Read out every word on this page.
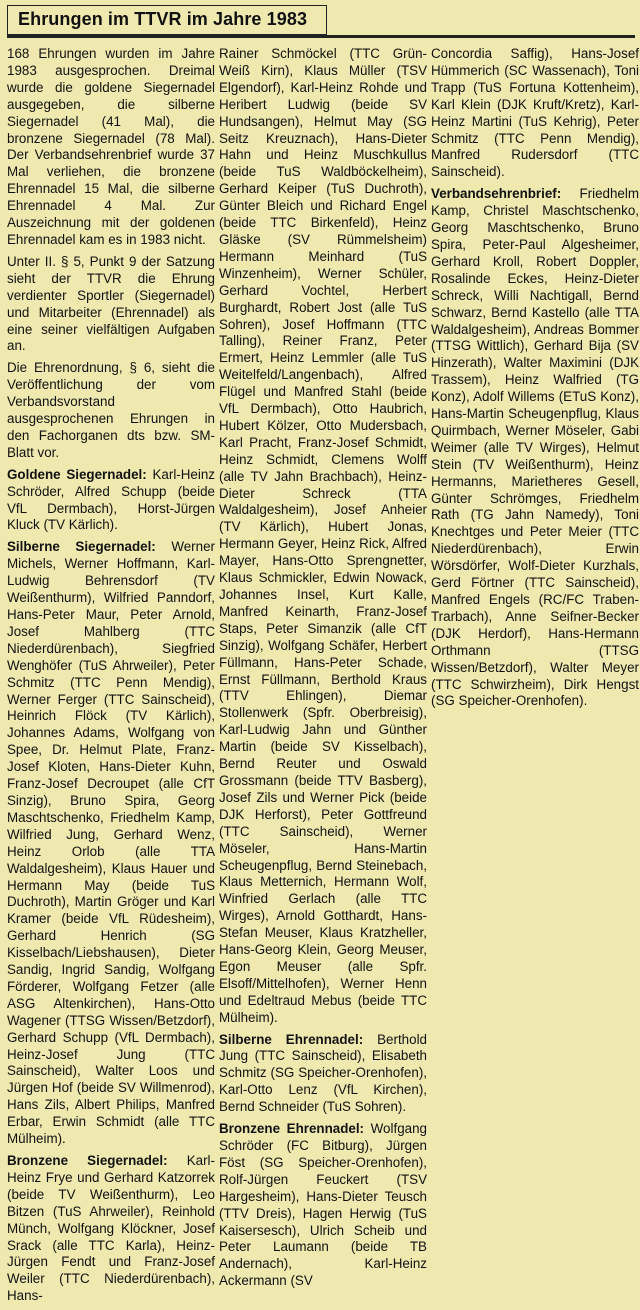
Ehrungen im TTVR im Jahre 1983

168 Ehrungen wurden im Jahre 1983 ausgesprochen. Dreimal wurde die goldene Siegernadel ausgegeben, die silberne Siegernadel (41 Mal), die bronzene Siegernadel (78 Mal). Der Verbandsehrenbrief wurde 37 Mal verliehen, die bronzene Ehrennadel 15 Mal, die silberne Ehrennadel 4 Mal. Zur Auszeichnung mit der goldenen Ehrennadel kam es in 1983 nicht.

Unter II. § 5, Punkt 9 der Satzung sieht der TTVR die Ehrung verdienter Sportler (Siegernadel) und Mitarbeiter (Ehrennadel) als eine seiner vielfältigen Aufgaben an.

Die Ehrenordnung, § 6, sieht die Veröffentlichung der vom Verbandsvorstand ausgesprochenen Ehrungen in den Fachorganen dts bzw. SM-Blatt vor.

Goldene Siegernadel: Karl-Heinz Schröder, Alfred Schupp (beide VfL Dermbach), Horst-Jürgen Kluck (TV Kärlich).

Silberne Siegernadel: Werner Michels, Werner Hoffmann, Karl-Ludwig Behrensdorf (TV Weißenthurm), Wilfried Panndorf, Hans-Peter Maur, Peter Arnold, Josef Mahlberg (TTC Niederdürenbach), Siegfried Wenghöfer (TuS Ahrweiler), Peter Schmitz (TTC Penn Mendig), Werner Ferger (TTC Sainscheid), Heinrich Flöck (TV Kärlich), Johannes Adams, Wolfgang von Spee, Dr. Helmut Plate, Franz-Josef Kloten, Hans-Dieter Kuhn, Franz-Josef Decroupet (alle CfT Sinzig), Bruno Spira, Georg Maschtschenko, Friedhelm Kamp, Wilfried Jung, Gerhard Wenz, Heinz Orlob (alle TTA Waldalgesheim), Klaus Hauer und Hermann May (beide TuS Duchroth), Martin Gröger und Karl Kramer (beide VfL Rüdesheim), Gerhard Henrich (SG Kisselbach/Liebshausen), Dieter Sandig, Ingrid Sandig, Wolfgang Förderer, Wolfgang Fetzer (alle ASG Altenkirchen), Hans-Otto Wagener (TTSG Wissen/Betzdorf), Gerhard Schupp (VfL Dermbach), Heinz-Josef Jung (TTC Sainscheid), Walter Loos und Jürgen Hof (beide SV Willmenrod), Hans Zils, Albert Philips, Manfred Erbar, Erwin Schmidt (alle TTC Mülheim).

Bronzene Siegernadel: Karl-Heinz Frye und Gerhard Katzorrek (beide TV Weißenthurm), Leo Bitzen (TuS Ahrweiler), Reinhold Münch, Wolfgang Klöckner, Josef Srack (alle TTC Karla), Heinz-Jürgen Fendt und Franz-Josef Weiler (TTC Niederdürenbach), Hans-

Rainer Schmöckel (TTC Grün-Weiß Kirn), Klaus Müller (TSV Elgendorf), Karl-Heinz Rohde und Heribert Ludwig (beide SV Hundsangen), Helmut May (SG Seitz Kreuznach), Hans-Dieter Hahn und Heinz Muschkullus (beide TuS Waldböckelheim), Gerhard Keiper (TuS Duchroth), Günter Bleich und Richard Engel (beide TTC Birkenfeld), Heinz Gläske (SV Rümmelsheim) Hermann Meinhard (TuS Winzenheim), Werner Schüler, Gerhard Vochtel, Herbert Burghardt, Robert Jost (alle TuS Sohren), Josef Hoffmann (TTC Talling), Reiner Franz, Peter Ermert, Heinz Lemmler (alle TuS Weitelfeld/Langenbach), Alfred Flügel und Manfred Stahl (beide VfL Dermbach), Otto Haubrich, Hubert Kölzer, Otto Mudersbach, Karl Pracht, Franz-Josef Schmidt, Heinz Schmidt, Clemens Wolff (alle TV Jahn Brachbach), Heinz-Dieter Schreck (TTA Waldalgesheim), Josef Anheier (TV Kärlich), Hubert Jonas, Hermann Geyer, Heinz Rick, Alfred Mayer, Hans-Otto Sprengnetter, Klaus Schmickler, Edwin Nowack, Johannes Insel, Kurt Kalle, Manfred Keinarth, Franz-Josef Staps, Peter Simanzik (alle CfT Sinzig), Wolfgang Schäfer, Herbert Füllmann, Hans-Peter Schade, Ernst Füllmann, Berthold Kraus (TTV Ehlingen), Diemar Stollenwerk (Spfr. Oberbreisig), Karl-Ludwig Jahn und Günther Martin (beide SV Kisselbach), Bernd Reuter und Oswald Grossmann (beide TTV Basberg), Josef Zils und Werner Pick (beide DJK Herforst), Peter Gottfreund (TTC Sainscheid), Werner Möseler, Hans-Martin Scheugenpflug, Bernd Steinebach, Klaus Metternich, Hermann Wolf, Winfried Gerlach (alle TTC Wirges), Arnold Gotthardt, Hans-Stefan Meuser, Klaus Kratzheller, Hans-Georg Klein, Georg Meuser, Egon Meuser (alle Spfr. Elsoff/Mittelhofen), Werner Henn und Edeltraud Mebus (beide TTC Mülheim).

Silberne Ehrennadel: Berthold Jung (TTC Sainscheid), Elisabeth Schmitz (SG Speicher-Orenhofen), Karl-Otto Lenz (VfL Kirchen), Bernd Schneider (TuS Sohren).

Bronzene Ehrennadel: Wolfgang Schröder (FC Bitburg), Jürgen Föst (SG Speicher-Orenhofen), Rolf-Jürgen Feuckert (TSV Hargesheim), Hans-Dieter Teusch (TTV Dreis), Hagen Herwig (TuS Kaisersesch), Ulrich Scheib und Peter Laumann (beide TB Andernach), Karl-Heinz Ackermann (SV

Concordia Saffig), Hans-Josef Hümmerich (SC Wassenach), Toni Trapp (TuS Fortuna Kottenheim), Karl Klein (DJK Kruft/Kretz), Karl-Heinz Martini (TuS Kehrig), Peter Schmitz (TTC Penn Mendig), Manfred Rudersdorf (TTC Sainscheid).

Verbandsehrenbrief: Friedhelm Kamp, Christel Maschtschenko, Georg Maschtschenko, Bruno Spira, Peter-Paul Algesheimer, Gerhard Kroll, Robert Doppler, Rosalinde Eckes, Heinz-Dieter Schreck, Willi Nachtigall, Bernd Schwarz, Bernd Kastello (alle TTA Waldalgesheim), Andreas Bommer (TTSG Wittlich), Gerhard Bija (SV Hinzerath), Walter Maximini (DJK Trassem), Heinz Walfried (TG Konz), Adolf Willems (ETuS Konz), Hans-Martin Scheugenpflug, Klaus Quirmbach, Werner Möseler, Gabi Weimer (alle TV Wirges), Helmut Stein (TV Weißenthurm), Heinz Hermanns, Marietheres Gesell, Günter Schrömges, Friedhelm Rath (TG Jahn Namedy), Toni Knechtges und Peter Meier (TTC Niederdürenbach), Erwin Wörsdörfer, Wolf-Dieter Kurzhals, Gerd Förtner (TTC Sainscheid), Manfred Engels (RC/FC Traben-Trarbach), Anne Seifner-Becker (DJK Herdorf), Hans-Hermann Orthmann (TTSG Wissen/Betzdorf), Walter Meyer (TTC Schwirzheim), Dirk Hengst (SG Speicher-Orenhofen).
